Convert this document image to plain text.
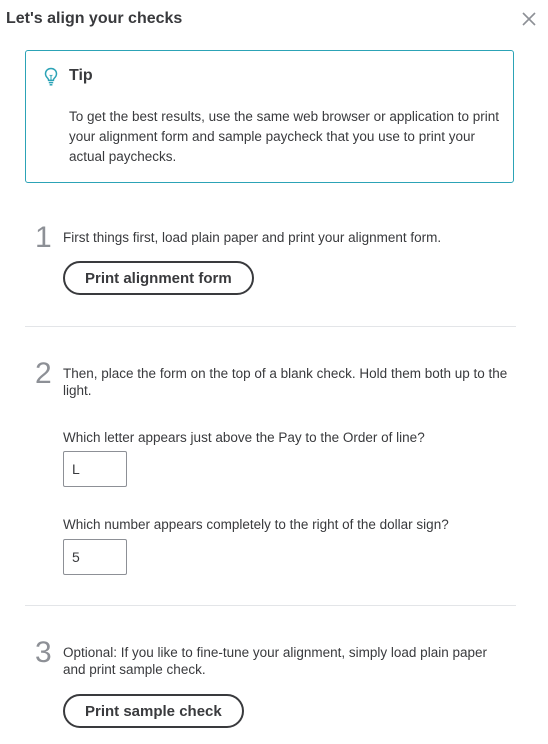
Let's align your checks
Tip
To get the best results, use the same web browser or application to print your alignment form and sample paycheck that you use to print your actual paychecks.
1 First things first, load plain paper and print your alignment form.
Print alignment form
2 Then, place the form on the top of a blank check. Hold them both up to the light.
Which letter appears just above the Pay to the Order of line?
L
Which number appears completely to the right of the dollar sign?
5
3 Optional: If you like to fine-tune your alignment, simply load plain paper and print sample check.
Print sample check
